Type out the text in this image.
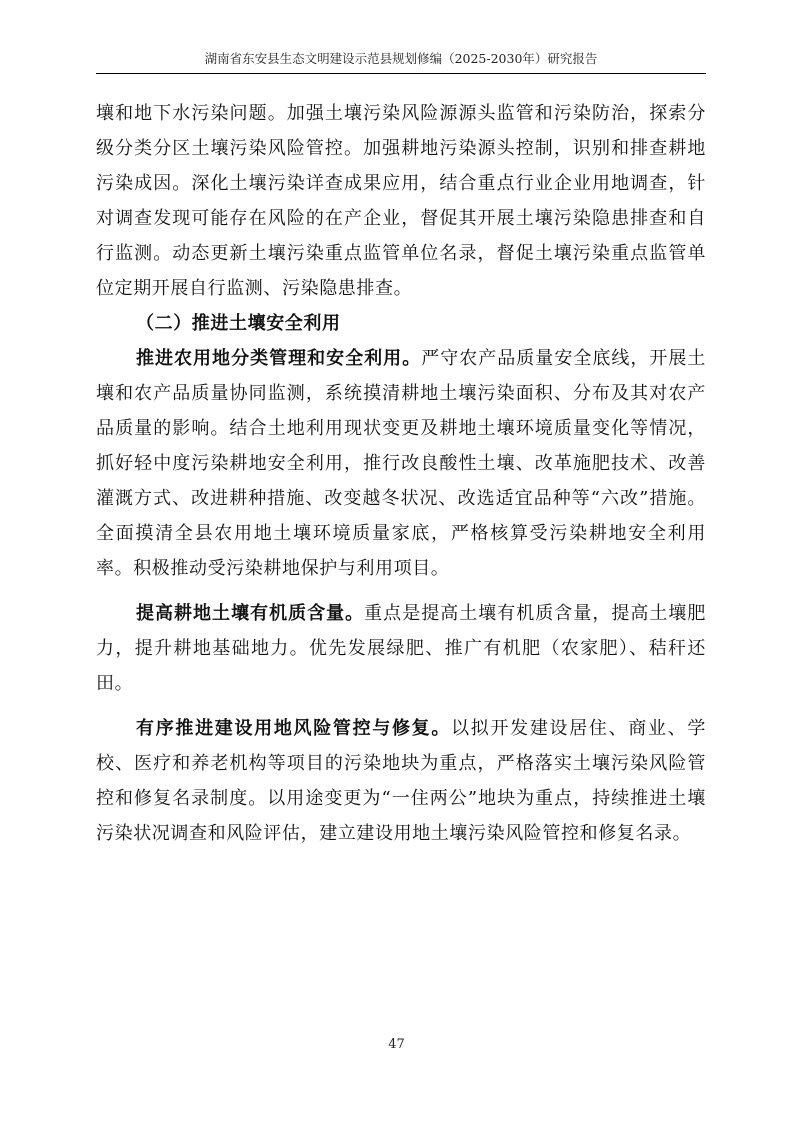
湖南省东安县生态文明建设示范县规划修编（2025-2030年）研究报告

壤和地下水污染问题。加强土壤污染风险源源头监管和污染防治，探索分级分类分区土壤污染风险管控。加强耕地污染源头控制，识别和排查耕地污染成因。深化土壤污染详查成果应用，结合重点行业企业用地调查，针对调查发现可能存在风险的在产企业，督促其开展土壤污染隐患排查和自行监测。动态更新土壤污染重点监管单位名录，督促土壤污染重点监管单位定期开展自行监测、污染隐患排查。

（二）推进土壤安全利用

推进农用地分类管理和安全利用。严守农产品质量安全底线，开展土壤和农产品质量协同监测，系统摸清耕地土壤污染面积、分布及其对农产品质量的影响。结合土地利用现状变更及耕地土壤环境质量变化等情况，抓好轻中度污染耕地安全利用，推行改良酸性土壤、改革施肥技术、改善灌溉方式、改进耕种措施、改变越冬状况、改选适宜品种等“六改”措施。全面摸清全县农用地土壤环境质量家底，严格核算受污染耕地安全利用率。积极推动受污染耕地保护与利用项目。

提高耕地土壤有机质含量。重点是提高土壤有机质含量，提高土壤肥力，提升耕地基础地力。优先发展绿肥、推广有机肥（农家肥）、秸秆还田。

有序推进建设用地风险管控与修复。以拟开发建设居住、商业、学校、医疗和养老机构等项目的污染地块为重点，严格落实土壤污染风险管控和修复名录制度。以用途变更为“一住两公”地块为重点，持续推进土壤污染状况调查和风险评估，建立建设用地土壤污染风险管控和修复名录。

47
